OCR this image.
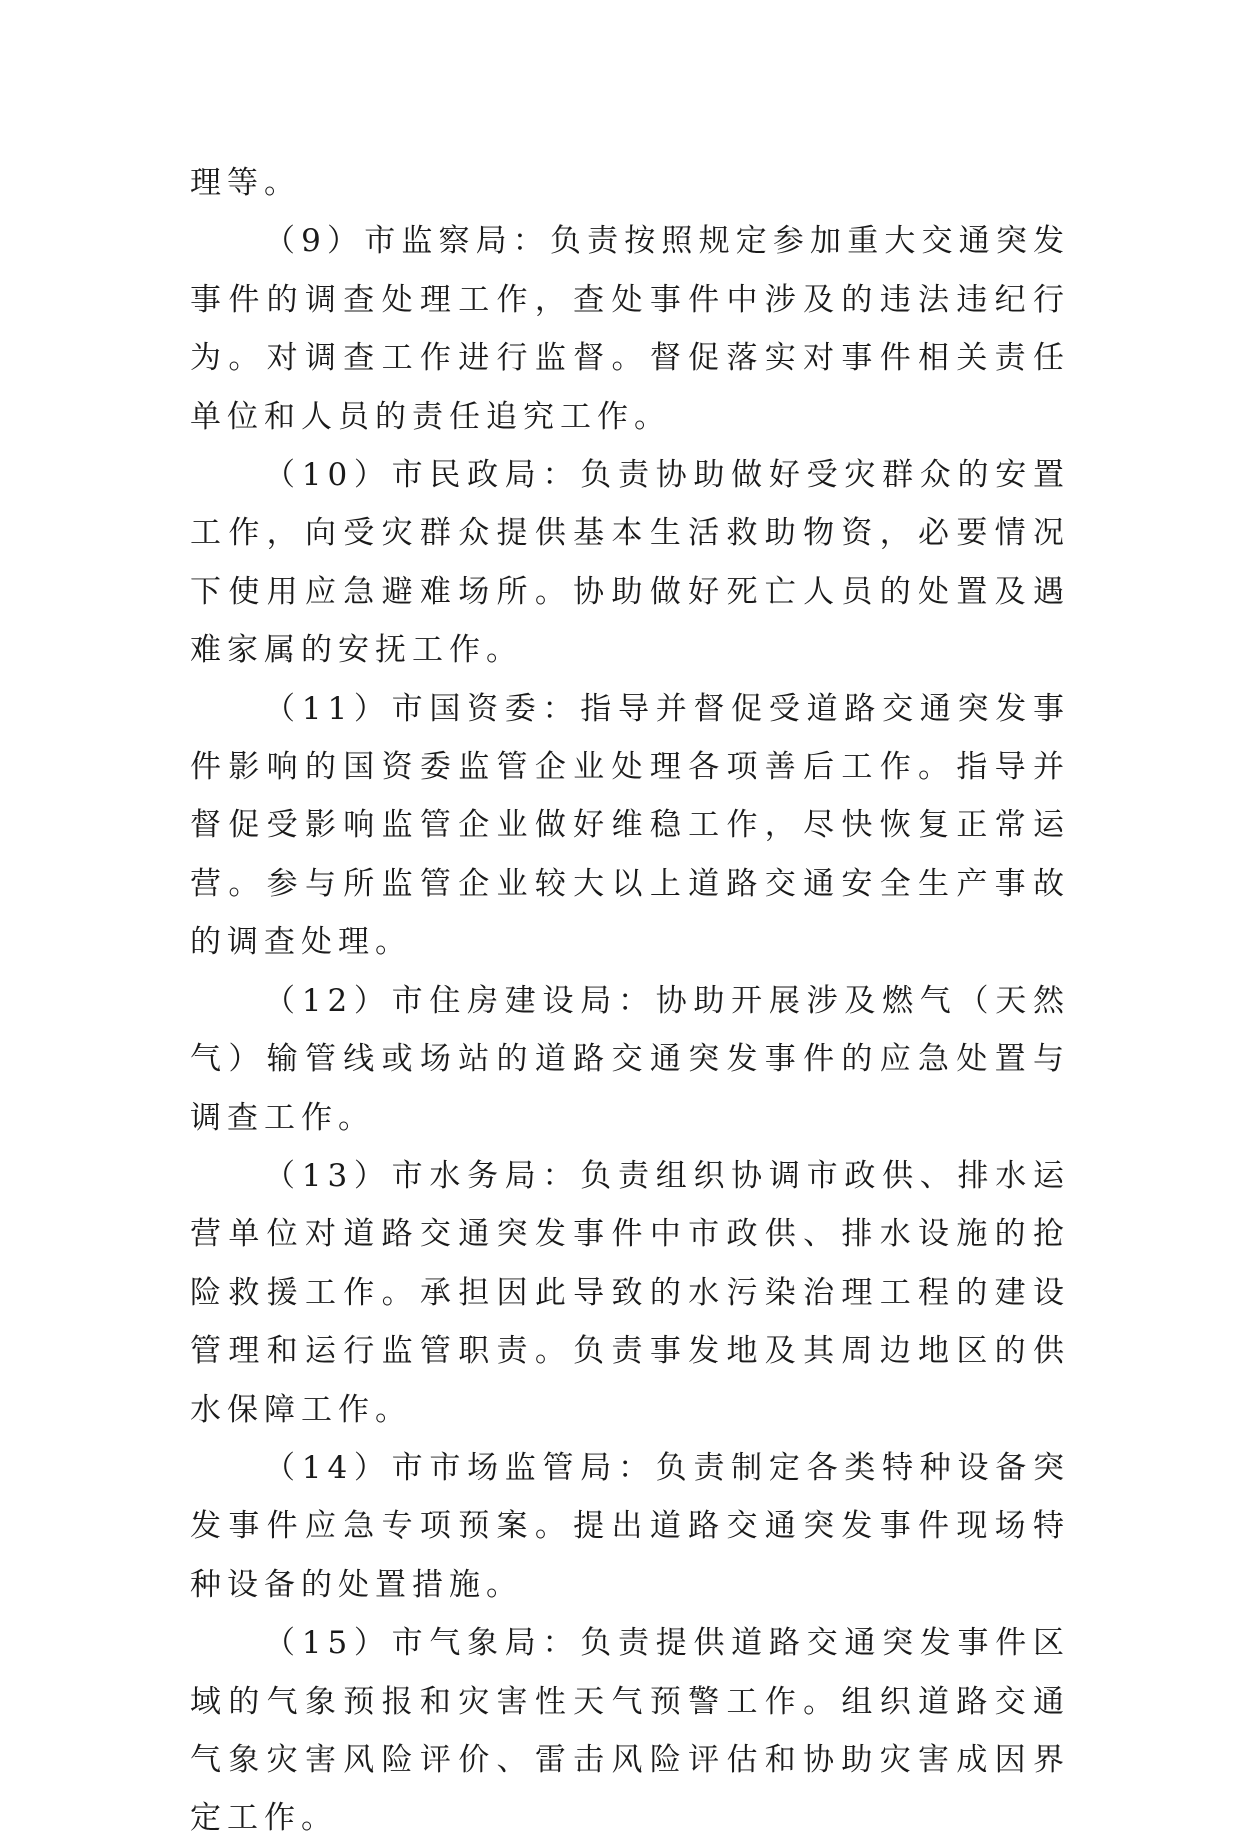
理等。

（9）市监察局：负责按照规定参加重大交通突发事件的调查处理工作，查处事件中涉及的违法违纪行为。对调查工作进行监督。督促落实对事件相关责任单位和人员的责任追究工作。

（10）市民政局：负责协助做好受灾群众的安置工作，向受灾群众提供基本生活救助物资，必要情况下使用应急避难场所。协助做好死亡人员的处置及遇难家属的安抚工作。

（11）市国资委：指导并督促受道路交通突发事件影响的国资委监管企业处理各项善后工作。指导并督促受影响监管企业做好维稳工作，尽快恢复正常运营。参与所监管企业较大以上道路交通安全生产事故的调查处理。

（12）市住房建设局：协助开展涉及燃气（天然气）输管线或场站的道路交通突发事件的应急处置与调查工作。

（13）市水务局：负责组织协调市政供、排水运营单位对道路交通突发事件中市政供、排水设施的抢险救援工作。承担因此导致的水污染治理工程的建设管理和运行监管职责。负责事发地及其周边地区的供水保障工作。

（14）市市场监管局：负责制定各类特种设备突发事件应急专项预案。提出道路交通突发事件现场特种设备的处置措施。

（15）市气象局：负责提供道路交通突发事件区域的气象预报和灾害性天气预警工作。组织道路交通气象灾害风险评价、雷击风险评估和协助灾害成因界定工作。
